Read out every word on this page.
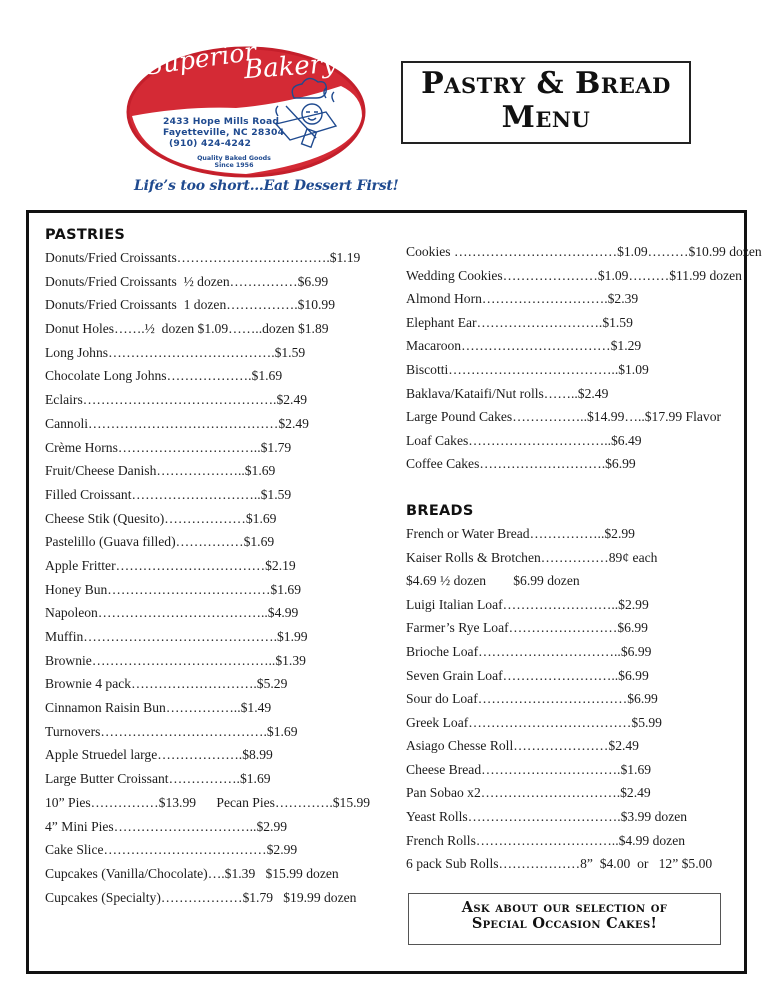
Superior
Bakery
2433 Hope Mills Road
Fayetteville, NC 28304
(910) 424-4242
Quality Baked Goods
Since 1956
Life’s too short…Eat Dessert First!
Pastry & Bread
Menu
PASTRIES
Donuts/Fried Croissants…………………………….$1.19
Donuts/Fried Croissants  ½ dozen……………$6.99
Donuts/Fried Croissants  1 dozen…………….$10.99
Donut Holes…….½  dozen $1.09……..dozen $1.89
Long Johns……………………………….$1.59
Chocolate Long Johns……………….$1.69
Eclairs…………………………………….$2.49
Cannoli……………………………………$2.49
Crème Horns…………………………..$1.79
Fruit/Cheese Danish………………..$1.69
Filled Croissant………………………..$1.59
Cheese Stik (Quesito)………………$1.69
Pastelillo (Guava filled)……………$1.69
Apple Fritter……………………………$2.19
Honey Bun………………………………$1.69
Napoleon………………………………..$4.99
Muffin…………………………………….$1.99
Brownie…………………………………..$1.39
Brownie 4 pack……………………….$5.29
Cinnamon Raisin Bun……………..$1.49
Turnovers……………………………….$1.69
Apple Struedel large……………….$8.99
Large Butter Croissant…………….$1.69
10” Pies……………$13.99      Pecan Pies………….$15.99
4” Mini Pies…………………………..$2.99
Cake Slice………………………………$2.99
Cupcakes (Vanilla/Chocolate)….$1.39   $15.99 dozen
Cupcakes (Specialty)………………$1.79   $19.99 dozen
Cookies ………………………………$1.09………$10.99 dozen
Wedding Cookies…………………$1.09………$11.99 dozen
Almond Horn……………………….$2.39
Elephant Ear……………………….$1.59
Macaroon……………………………$1.29
Biscotti………………………………..$1.09
Baklava/Kataifi/Nut rolls……..$2.49
Large Pound Cakes……………..$14.99…..$17.99 Flavor
Loaf Cakes…………………………..$6.49
Coffee Cakes……………………….$6.99
BREADS
French or Water Bread……………..$2.99
Kaiser Rolls & Brotchen……………89¢ each
$4.69 ½ dozen        $6.99 dozen
Luigi Italian Loaf……………………..$2.99
Farmer’s Rye Loaf……………………$6.99
Brioche Loaf…………………………..$6.99
Seven Grain Loaf……………………..$6.99
Sour do Loaf……………………………$6.99
Greek Loaf………………………………$5.99
Asiago Chesse Roll…………………$2.49
Cheese Bread………………………….$1.69
Pan Sobao x2………………………….$2.49
Yeast Rolls…………………………….$3.99 dozen
French Rolls…………………………..$4.99 dozen
6 pack Sub Rolls………………8”  $4.00  or   12” $5.00
Ask about our selection of
Special Occasion Cakes!
